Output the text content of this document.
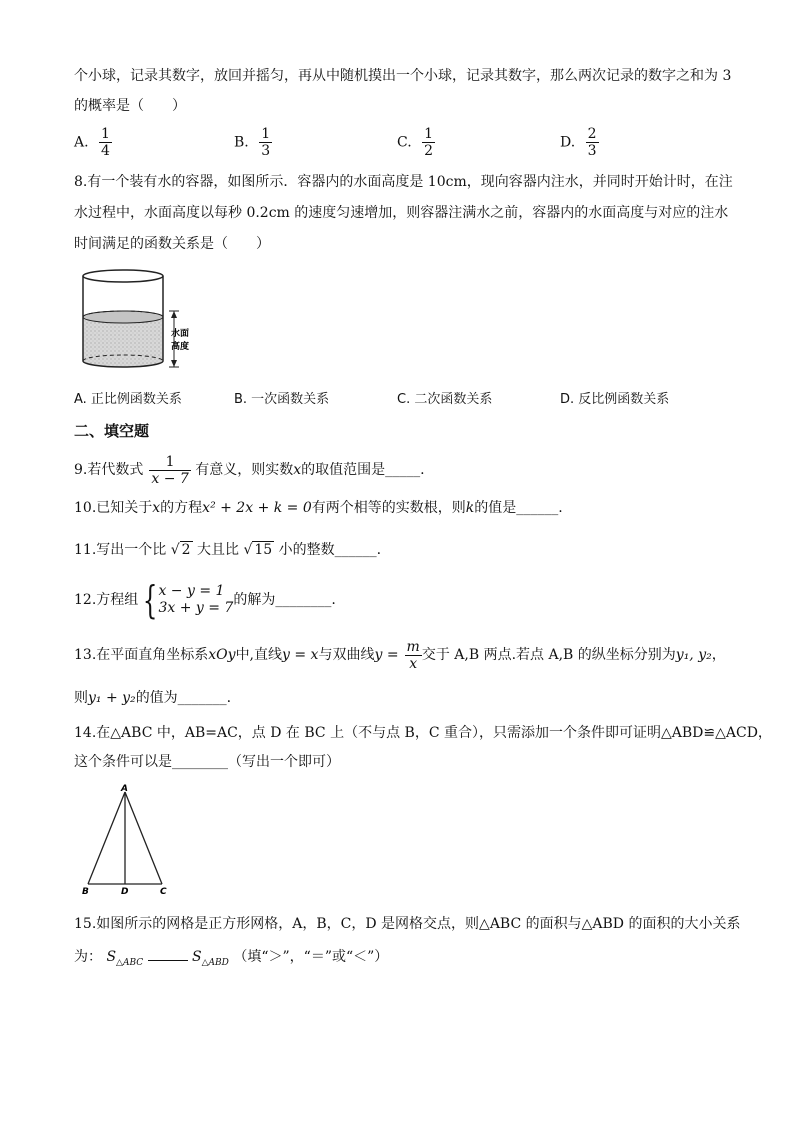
个小球，记录其数字，放回并摇匀，再从中随机摸出一个小球，记录其数字，那么两次记录的数字之和为 3
的概率是（　　）
A. $\frac{1}{4}$	B. $\frac{1}{3}$	C. $\frac{1}{2}$	D. $\frac{2}{3}$
8.有一个装有水的容器，如图所示．容器内的水面高度是 10cm，现向容器内注水，并同时开始计时，在注
水过程中，水面高度以每秒 0.2cm 的速度匀速增加，则容器注满水之前，容器内的水面高度与对应的注水
时间满足的函数关系是（　　）
水面
高度
A. 正比例函数关系	B. 一次函数关系	C. 二次函数关系	D. 反比例函数关系
二、填空题
9.若代数式 $\frac{1}{x - 7}$ 有意义，则实数x的取值范围是_____.
10.已知关于x的方程x² + 2x + k = 0有两个相等的实数根，则k的值是______.
11.写出一个比 √ 2 大且比 √ 15 小的整数______.
12.方程组 { x − y = 1
3x + y = 7 的解为________.
13.在平面直角坐标系xOy中,直线y = x与双曲线$y = \frac{m}{x}$ 交于 A,B 两点.若点 A,B 的纵坐标分别为y₁, y₂，
则y₁ + y₂的值为_______.
14.在△ABC 中，AB=AC，点 D 在 BC 上（不与点 B，C 重合），只需添加一个条件即可证明△ABD≌△ACD，
这个条件可以是________（写出一个即可）
A
B	D	C
15.如图所示的网格是正方形网格，A，B，C，D 是网格交点，则△ABC 的面积与△ABD 的面积的大小关系
为： $S_{\triangle ABC}$	$S_{\triangle ABD}$ （填“＞”，“＝”或“＜”）
